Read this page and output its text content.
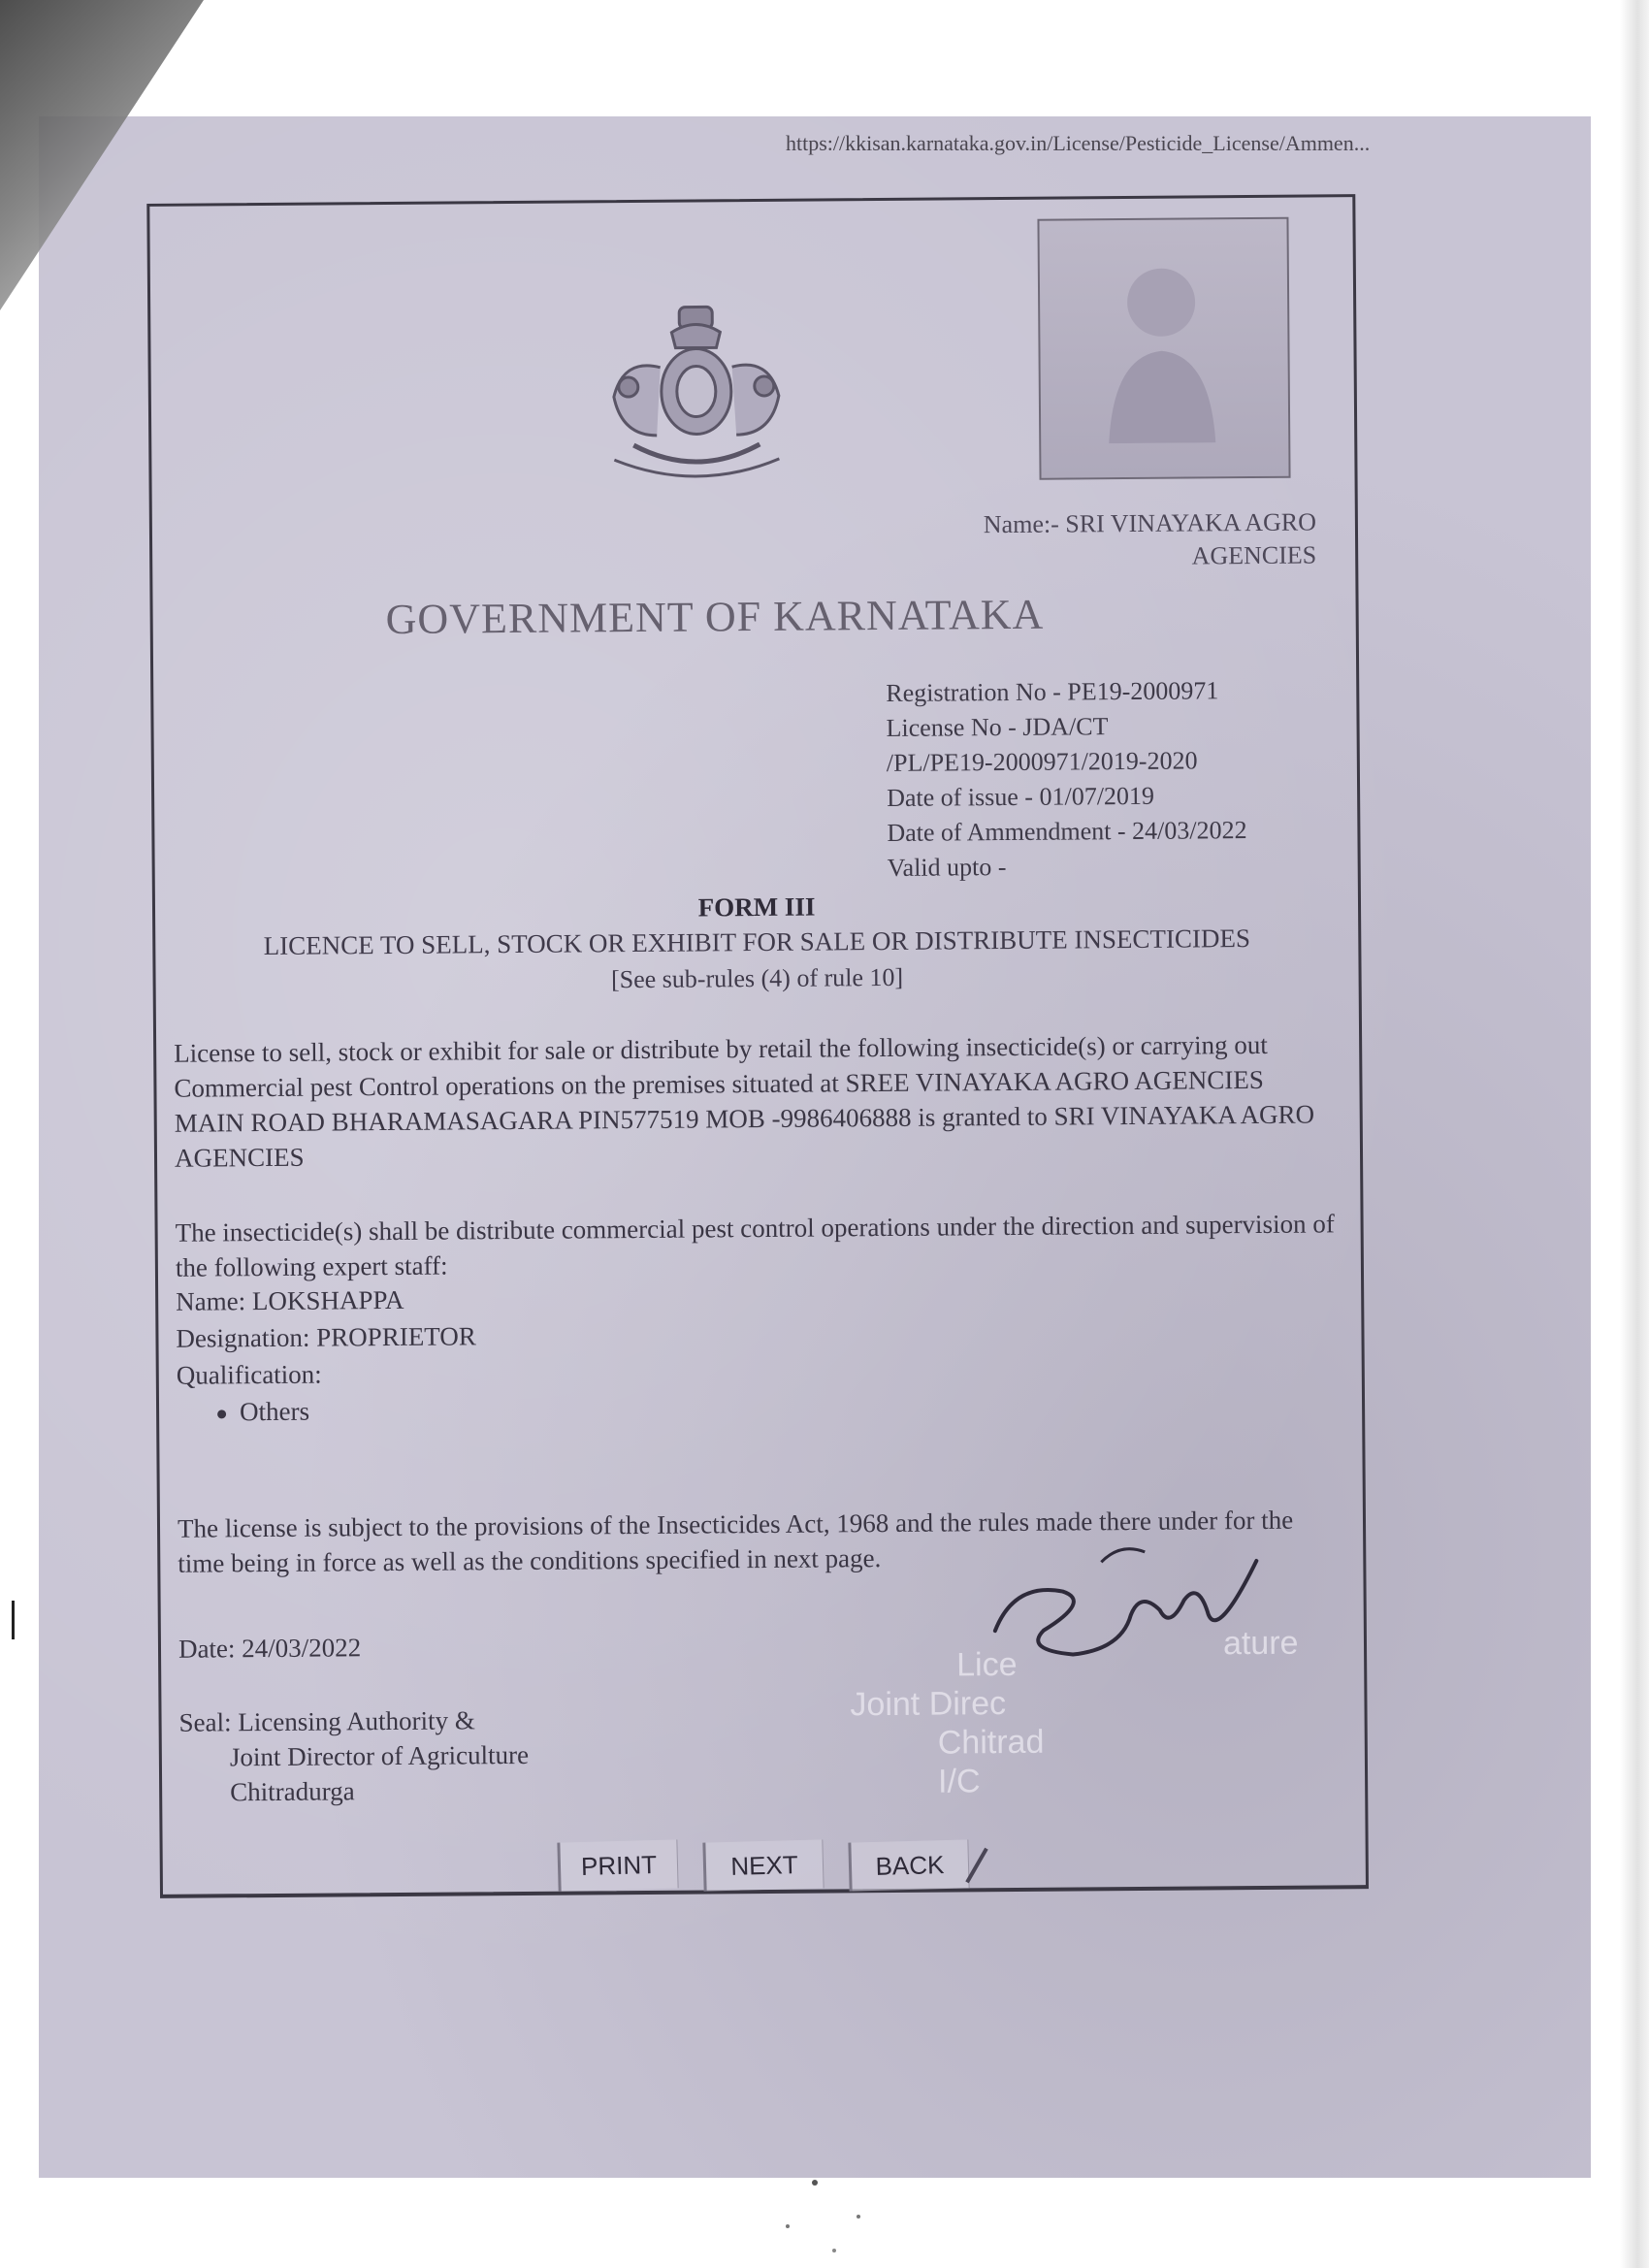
https://kkisan.karnataka.gov.in/License/Pesticide_License/Ammen...
Name:- SRI VINAYAKA AGRO
AGENCIES
GOVERNMENT OF KARNATAKA
Registration No - PE19-2000971
License No - JDA/CT
/PL/PE19-2000971/2019-2020
Date of issue - 01/07/2019
Date of Ammendment - 24/03/2022
Valid upto -
FORM III
LICENCE TO SELL, STOCK OR EXHIBIT FOR SALE OR DISTRIBUTE INSECTICIDES
[See sub-rules (4) of rule 10]
License to sell, stock or exhibit for sale or distribute by retail the following insecticide(s) or carrying out Commercial pest Control operations on the premises situated at SREE VINAYAKA AGRO AGENCIES MAIN ROAD BHARAMASAGARA PIN577519 MOB -9986406888 is granted to SRI VINAYAKA AGRO AGENCIES
The insecticide(s) shall be distribute commercial pest control operations under the direction and supervision of the following expert staff:
Name: LOKSHAPPA
Designation: PROPRIETOR
Qualification:
Others
The license is subject to the provisions of the Insecticides Act, 1968 and the rules made there under for the time being in force as well as the conditions specified in next page.
Date: 24/03/2022
Seal: Licensing Authority &
Joint Director of Agriculture
Chitradurga
Lice
Joint Direc
Chitrad
I/C
ature
PRINT	NEXT	BACK
